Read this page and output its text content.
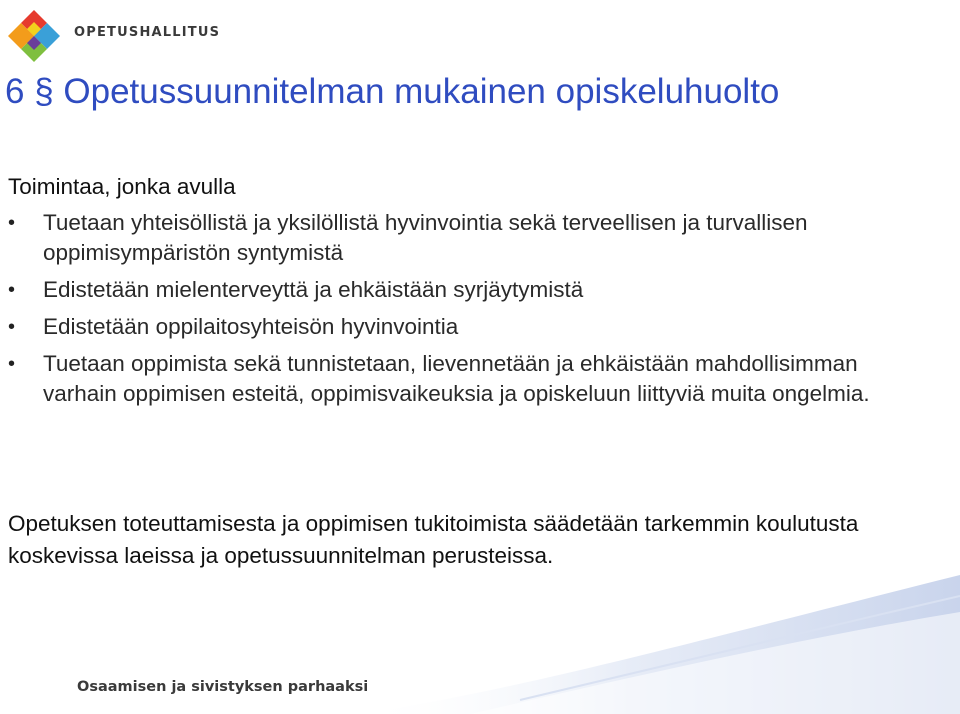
OPETUSHALLITUS
6 § Opetussuunnitelman mukainen opiskeluhuolto

Toimintaa, jonka avulla

• Tuetaan yhteisöllistä ja yksilöllistä hyvinvointia sekä terveellisen ja turvallisen oppimisympäristön syntymistä
• Edistetään mielenterveyttä ja ehkäistään syrjäytymistä
• Edistetään oppilaitosyhteisön hyvinvointia
• Tuetaan oppimista sekä tunnistetaan, lievennetään ja ehkäistään mahdollisimman varhain oppimisen esteitä, oppimisvaikeuksia ja opiskeluun liittyviä muita ongelmia.

Opetuksen toteuttamisesta ja oppimisen tukitoimista säädetään tarkemmin koulutusta koskevissa laeissa ja opetussuunnitelman perusteissa.

Osaamisen ja sivistyksen parhaaksi
